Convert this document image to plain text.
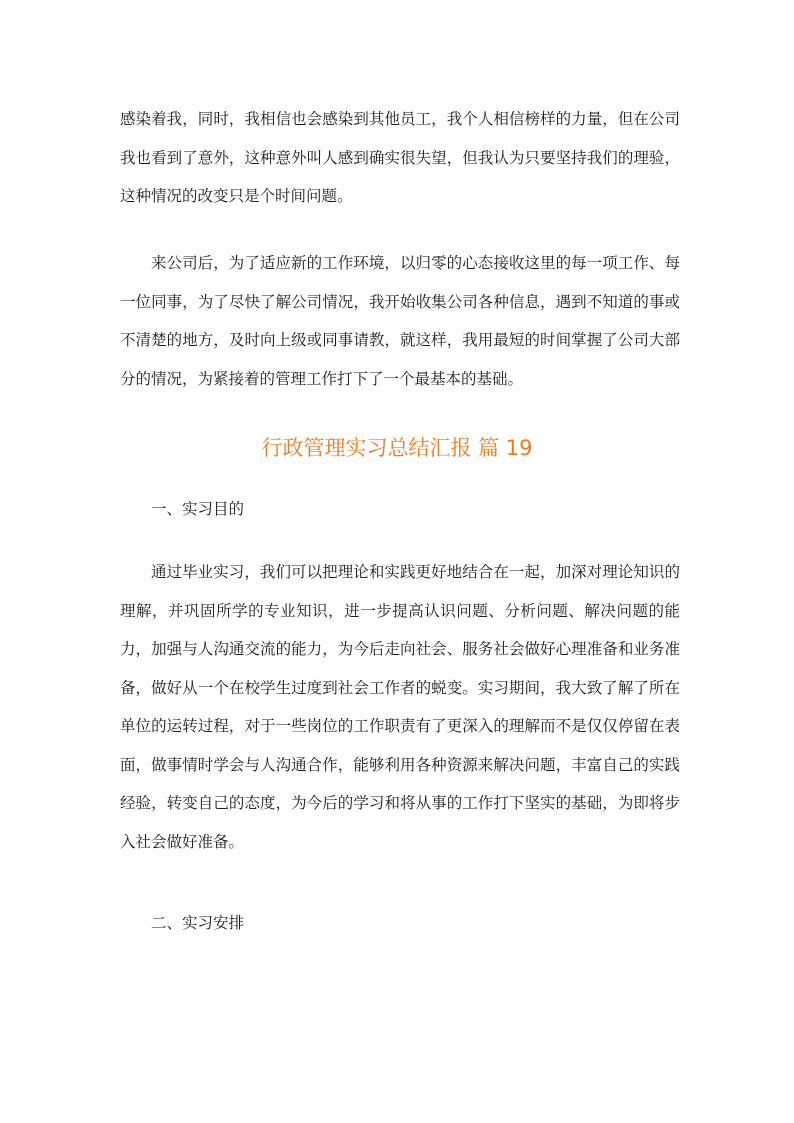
感染着我，同时，我相信也会感染到其他员工，我个人相信榜样的力量，但在公司我也看到了意外，这种意外叫人感到确实很失望，但我认为只要坚持我们的理验，这种情况的改变只是个时间问题。

来公司后，为了适应新的工作环境，以归零的心态接收这里的每一项工作、每一位同事，为了尽快了解公司情况，我开始收集公司各种信息，遇到不知道的事或不清楚的地方，及时向上级或同事请教，就这样，我用最短的时间掌握了公司大部分的情况，为紧接着的管理工作打下了一个最基本的基础。

行政管理实习总结汇报 篇 19

一、实习目的

通过毕业实习，我们可以把理论和实践更好地结合在一起，加深对理论知识的理解，并巩固所学的专业知识，进一步提高认识问题、分析问题、解决问题的能力，加强与人沟通交流的能力，为今后走向社会、服务社会做好心理准备和业务准备，做好从一个在校学生过度到社会工作者的蜕变。实习期间，我大致了解了所在单位的运转过程，对于一些岗位的工作职责有了更深入的理解而不是仅仅停留在表面，做事情时学会与人沟通合作，能够利用各种资源来解决问题，丰富自己的实践经验，转变自己的态度，为今后的学习和将从事的工作打下坚实的基础，为即将步入社会做好准备。

二、实习安排
